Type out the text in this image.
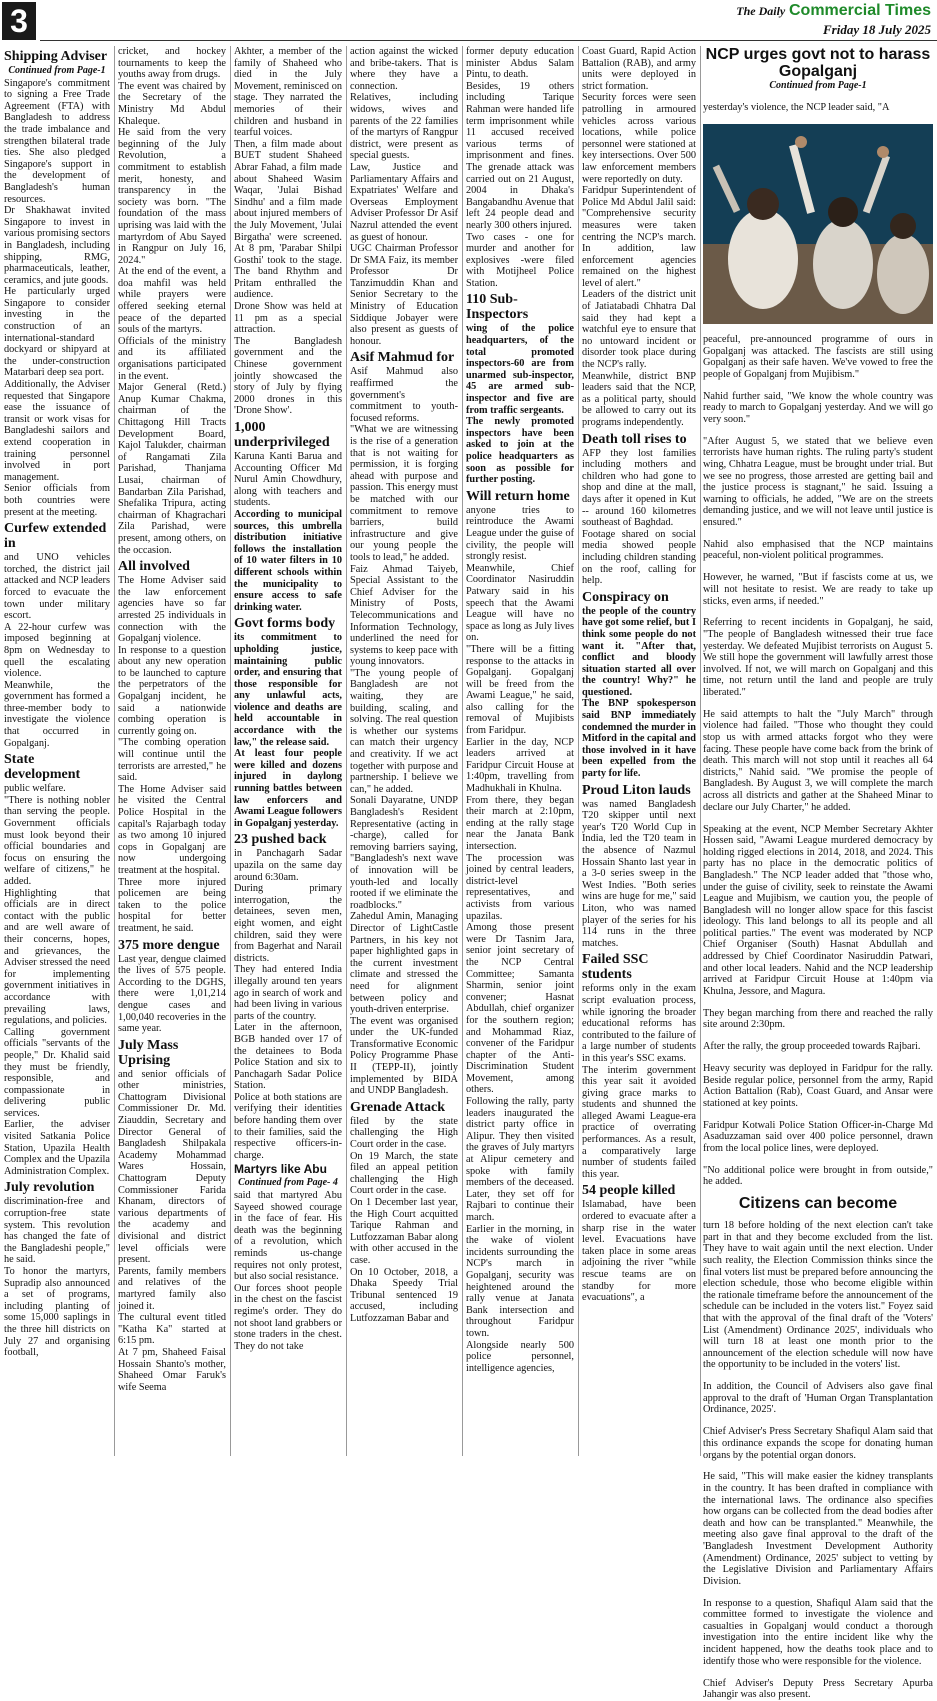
3	The Daily Commercial Times
Friday 18 July 2025
Shipping Adviser
Continued from Page-1

Singapore's commitment to signing a Free Trade Agreement (FTA) with Bangladesh to address the trade imbalance and strengthen bilateral trade ties. She also pledged Singapore's support in the development of Bangladesh's human resources.

Dr Shakhawat invited Singapore to invest in various promising sectors in Bangladesh, including shipping, RMG, pharmaceuticals, leather, ceramics, and jute goods.

He particularly urged Singapore to consider investing in the construction of an international-standard dockyard or shipyard at the under-construction Matarbari deep sea port.

Additionally, the Adviser requested that Singapore ease the issuance of transit or work visas for Bangladeshi sailors and extend cooperation in training personnel involved in port management.

Senior officials from both countries were present at the meeting.

Curfew extended in

and UNO vehicles torched, the district jail attacked and NCP leaders forced to evacuate the town under military escort.

A 22-hour curfew was imposed beginning at 8pm on Wednesday to quell the escalating violence.

Meanwhile, the government has formed a three-member body to investigate the violence that occurred in Gopalganj.

State development

public welfare.

"There is nothing nobler than serving the people. Government officials must look beyond their official boundaries and focus on ensuring the welfare of citizens," he added.

Highlighting that officials are in direct contact with the public and are well aware of their concerns, hopes, and grievances, the Adviser stressed the need for implementing government initiatives in accordance with prevailing laws, regulations, and policies.

Calling government officials "servants of the people," Dr. Khalid said they must be friendly, responsible, and compassionate in delivering public services.

Earlier, the adviser visited Satkania Police Station, Upazila Health Complex and the Upazila Administration Complex.

July revolution

discrimination-free and corruption-free state system. This revolution has changed the fate of the Bangladeshi people," he said.

To honor the martyrs, Supradip also announced a set of programs, including planting of some 15,000 saplings in the three hill districts on July 27 and organising football,

cricket, and hockey tournaments to keep the youths away from drugs.

The event was chaired by the Secretary of the Ministry Md Abdul Khaleque.

He said from the very beginning of the July Revolution, a commitment to establish merit, honesty, and transparency in the society was born. "The foundation of the mass uprising was laid with the martyrdom of Abu Sayed in Rangpur on July 16, 2024."

At the end of the event, a doa mahfil was held while prayers were offered seeking eternal peace of the departed souls of the martyrs.

Officials of the ministry and its affiliated organisations participated in the event.

Major General (Retd.) Anup Kumar Chakma, chairman of the Chittagong Hill Tracts Development Board, Kajol Talukder, chairman of Rangamati Zila Parishad, Thanjama Lusai, chairman of Bandarban Zila Parishad, Shefalika Tripura, acting chairman of Khagrachari Zila Parishad, were present, among others, on the occasion.

All involved

The Home Adviser said the law enforcement agencies have so far arrested 25 individuals in connection with the Gopalganj violence.

In response to a question about any new operation to be launched to capture the perpetrators of the Gopalganj incident, he said a nationwide combing operation is currently going on.

"The combing operation will continue until the terrorists are arrested," he said.

The Home Adviser said he visited the Central Police Hospital in the capital's Rajarbagh today as two among 10 injured cops in Gopalganj are now undergoing treatment at the hospital.

Three more injured policemen are being taken to the police hospital for better treatment, he said.

375 more dengue

Last year, dengue claimed the lives of 575 people. According to the DGHS, there were 1,01,214 dengue cases and 1,00,040 recoveries in the same year.

July Mass Uprising

and senior officials of other ministries, Chattogram Divisional Commissioner Dr. Md. Ziauddin, Secretary and Director General of Bangladesh Shilpakala Academy Mohammad Wares Hossain, Chattogram Deputy Commissioner Farida Khanam, directors of various departments of the academy and divisional and district level officials were present.

Parents, family members and relatives of the martyred family also joined it.

The cultural event titled "Katha Ka" started at 6:15 pm.

At 7 pm, Shaheed Faisal Hossain Shanto's mother, Shaheed Omar Faruk's wife Seema

Akhter, a member of the family of Shaheed who died in the July Movement, reminisced on stage. They narrated the memories of their children and husband in tearful voices.

Then, a film made about BUET student Shaheed Abrar Fahad, a film made about Shaheed Wasim Waqar, 'Julai Bishad Sindhu' and a film made about injured members of the July Movement, 'Julai Birgatha' were screened. At 8 pm, 'Parabar Shilpi Gosthi' took to the stage. The band Rhythm and Pritam enthralled the audience.

Drone Show was held at 11 pm as a special attraction.

The Bangladesh government and the Chinese government jointly showcased the story of July by flying 2000 drones in this 'Drone Show'.

1,000 underprivileged

Karuna Kanti Barua and Accounting Officer Md Nurul Amin Chowdhury, along with teachers and students.

According to municipal sources, this umbrella distribution initiative follows the installation of 10 water filters in 10 different schools within the municipality to ensure access to safe drinking water.

Govt forms body

its commitment to upholding justice, maintaining public order, and ensuring that those responsible for any unlawful acts, violence and deaths are held accountable in accordance with the law," the release said.

At least four people were killed and dozens injured in daylong running battles between law enforcers and Awami League followers in Gopalganj yesterday.

23 pushed back

in Panchagarh Sadar upazila on the same day around 6:30am.

During primary interrogation, the detainees, seven men, eight women, and eight children, said they were from Bagerhat and Narail districts.

They had entered India illegally around ten years ago in search of work and had been living in various parts of the country.

Later in the afternoon, BGB handed over 17 of the detainees to Boda Police Station and six to Panchagarh Sadar Police Station.

Police at both stations are verifying their identities before handing them over to their families, said the respective officers-in-charge.

Martyrs like Abu
Continued from Page- 4

said that martyred Abu Sayeed showed courage in the face of fear. His death was the beginning of a revolution, which reminds us-change requires not only protest, but also social resistance.

Our forces shoot people in the chest on the fascist regime's order. They do not shoot land grabbers or stone traders in the chest. They do not take

action against the wicked and bribe-takers. That is where they have a connection.

Relatives, including widows, wives and parents of the 22 families of the martyrs of Rangpur district, were present as special guests.

Law, Justice and Parliamentary Affairs and Expatriates' Welfare and Overseas Employment Adviser Professor Dr Asif Nazrul attended the event as guest of honour.

UGC Chairman Professor Dr SMA Faiz, its member Professor Dr Tanzimuddin Khan and Senior Secretary to the Ministry of Education Siddique Jobayer were also present as guests of honour.

Asif Mahmud for

Asif Mahmud also reaffirmed the government's commitment to youth-focused reforms.

"What we are witnessing is the rise of a generation that is not waiting for permission, it is forging ahead with purpose and passion. This energy must be matched with our commitment to remove barriers, build infrastructure and give our young people the tools to lead," he added.

Faiz Ahmad Taiyeb, Special Assistant to the Chief Adviser for the Ministry of Posts, Telecommunications and Information Technology, underlined the need for systems to keep pace with young innovators.

"The young people of Bangladesh are not waiting, they are building, scaling, and solving. The real question is whether our systems can match their urgency and creativity. If we act together with purpose and partnership. I believe we can," he added.

Sonali Dayaratne, UNDP Bangladesh's Resident Representative (acting in -charge), called for removing barriers saying, "Bangladesh's next wave of innovation will be youth-led and locally rooted if we eliminate the roadblocks."

Zahedul Amin, Managing Director of LightCastle Partners, in his key not paper highlighted gaps in the current investment climate and stressed the need for alignment between policy and youth-driven enterprise.

The event was organised under the UK-funded Transformative Economic Policy Programme Phase II (TEPP-II), jointly implemented by BIDA and UNDP Bangladesh.

Grenade Attack

filed by the state challenging the High Court order in the case.

On 19 March, the state filed an appeal petition challenging the High Court order in the case.

On 1 December last year, the High Court acquitted Tarique Rahman and Lutfozzaman Babar along with other accused in the case.

On 10 October, 2018, a Dhaka Speedy Trial Tribunal sentenced 19 accused, including Lutfozzaman Babar and

former deputy education minister Abdus Salam Pintu, to death.

Besides, 19 others including Tarique Rahman were handed life term imprisonment while 11 accused received various terms of imprisonment and fines. The grenade attack was carried out on 21 August, 2004 in Dhaka's Bangabandhu Avenue that left 24 people dead and nearly 300 others injured.

Two cases - one for murder and another for explosives -were filed with Motijheel Police Station.

110 Sub-Inspectors

wing of the police headquarters, of the total promoted inspectors-60 are from unarmed sub-inspector, 45 are armed sub-inspector and five are from traffic sergeants.

The newly promoted inspectors have been asked to join at the police headquarters as soon as possible for further posting.

Will return home

anyone tries to reintroduce the Awami League under the guise of civility, the people will strongly resist.

Meanwhile, Chief Coordinator Nasiruddin Patwary said in his speech that the Awami League will have no space as long as July lives on.

"There will be a fitting response to the attacks in Gopalganj. Gopalganj will be freed from the Awami League," he said, also calling for the removal of Mujibists from Faridpur.

Earlier in the day, NCP leaders arrived at Faridpur Circuit House at 1:40pm, travelling from Madhukhali in Khulna.

From there, they began their march at 2:10pm, ending at the rally stage near the Janata Bank intersection.

The procession was joined by central leaders, district-level representatives, and activists from various upazilas.

Among those present were Dr Tasnim Jara, senior joint secretary of the NCP Central Committee; Samanta Sharmin, senior joint convener; Hasnat Abdullah, chief organizer for the southern region; and Mohammad Riaz, convener of the Faridpur chapter of the Anti-Discrimination Student Movement, among others.

Following the rally, party leaders inaugurated the district party office in Alipur. They then visited the graves of July martyrs at Alipur cemetery and spoke with family members of the deceased. Later, they set off for Rajbari to continue their march.

Earlier in the morning, in the wake of violent incidents surrounding the NCP's march in Gopalganj, security was heightened around the rally venue at Janata Bank intersection and throughout Faridpur town.

Alongside nearly 500 police personnel, intelligence agencies,

Coast Guard, Rapid Action Battalion (RAB), and army units were deployed in strict formation.

Security forces were seen patrolling in armoured vehicles across various locations, while police personnel were stationed at key intersections. Over 500 law enforcement members were reportedly on duty.

Faridpur Superintendent of Police Md Abdul Jalil said: "Comprehensive security measures were taken centring the NCP's march. In addition, law enforcement agencies remained on the highest level of alert."

Leaders of the district unit of Jatiatabadi Chhatra Dal said they had kept a watchful eye to ensure that no untoward incident or disorder took place during the NCP's rally.

Meanwhile, district BNP leaders said that the NCP, as a political party, should be allowed to carry out its programs independently.

Death toll rises to

AFP they lost families including mothers and children who had gone to shop and dine at the mall, days after it opened in Kut -- around 160 kilometres southeast of Baghdad.

Footage shared on social media showed people including children standing on the roof, calling for help.

Conspiracy on

the people of the country have got some relief, but I think some people do not want it. "After that, conflict and bloody situation started all over the country! Why?" he questioned.

The BNP spokesperson said BNP immediately condemned the murder in Mitford in the capital and those involved in it have been expelled from the party for life.

Proud Liton lauds

was named Bangladesh T20 skipper until next year's T20 World Cup in India, led the T20 team in the absence of Nazmul Hossain Shanto last year in a 3-0 series sweep in the West Indies. "Both series wins are huge for me," said Liton, who was named player of the series for his 114 runs in the three matches.

Failed SSC students

reforms only in the exam script evaluation process, while ignoring the broader educational reforms has contributed to the failure of a large number of students in this year's SSC exams.

The interim government this year sait it avoided giving grace marks to students and shunned the alleged Awami League-era practice of overrating performances. As a result, a comparatively large number of students failed this year.

54 people killed

Islamabad, have been ordered to evacuate after a sharp rise in the water level. Evacuations have taken place in some areas adjoining the river "while rescue teams are on standby for more evacuations", a

NCP urges govt not to harass Gopalganj
Continued from Page-1

yesterday's violence, the NCP leader said, "A

peaceful, pre-announced programme of ours in Gopalganj was attacked. The fascists are still using Gopalganj as their safe haven. We've vowed to free the people of Gopalganj from Mujibism."

Nahid further said, "We know the whole country was ready to march to Gopalganj yesterday. And we will go very soon."

"After August 5, we stated that we believe even terrorists have human rights. The ruling party's student wing, Chhatra League, must be brought under trial. But we see no progress, those arrested are getting bail and the justice process is stagnant," he said. Issuing a warning to officials, he added, "We are on the streets demanding justice, and we will not leave until justice is ensured."

Nahid also emphasised that the NCP maintains peaceful, non-violent political programmes.

However, he warned, "But if fascists come at us, we will not hesitate to resist. We are ready to take up sticks, even arms, if needed."

Referring to recent incidents in Gopalganj, he said, "The people of Bangladesh witnessed their true face yesterday. We defeated Mujibist terrorists on August 5. We still hope the government will lawfully arrest those involved. If not, we will march on Gopalganj and this time, not return until the land and people are truly liberated."

He said attempts to halt the "July March" through violence had failed. "Those who thought they could stop us with armed attacks forgot who they were facing. These people have come back from the brink of death. This march will not stop until it reaches all 64 districts," Nahid said. "We promise the people of Bangladesh. By August 3, we will complete the march across all districts and gather at the Shaheed Minar to declare our July Charter," he added.

Speaking at the event, NCP Member Secretary Akhter Hossen said, "Awami League murdered democracy by holding rigged elections in 2014, 2018, and 2024. This party has no place in the democratic politics of Bangladesh." The NCP leader added that "those who, under the guise of civility, seek to reinstate the Awami League and Mujibism, we caution you, the people of Bangladesh will no longer allow space for this fascist ideology. This land belongs to all its people and all political parties." The event was moderated by NCP Chief Organiser (South) Hasnat Abdullah and addressed by Chief Coordinator Nasiruddin Patwari, and other local leaders. Nahid and the NCP leadership arrived at Faridpur Circuit House at 1:40pm via Khulna, Jessore, and Magura.

They began marching from there and reached the rally site around 2:30pm.

After the rally, the group proceeded towards Rajbari.

Heavy security was deployed in Faridpur for the rally. Beside regular police, personnel from the army, Rapid Action Battalion (Rab), Coast Guard, and Ansar were stationed at key points.

Faridpur Kotwali Police Station Officer-in-Charge Md Asaduzzaman said over 400 police personnel, drawn from the local police lines, were deployed.

"No additional police were brought in from outside," he added.

Citizens can become

turn 18 before holding of the next election can't take part in that and they become excluded from the list. They have to wait again until the next election. Under such reality, the Election Commission thinks since the final voters list must be prepared before announcing the election schedule, those who become eligible within the rationale timeframe before the announcement of the schedule can be included in the voters list." Foyez said that with the approval of the final draft of the 'Voters' List (Amendment) Ordinance 2025', individuals who will turn 18 at least one month prior to the announcement of the election schedule will now have the opportunity to be included in the voters' list.

In addition, the Council of Advisers also gave final approval to the draft of 'Human Organ Transplantation Ordinance, 2025'.

Chief Adviser's Press Secretary Shafiqul Alam said that this ordinance expands the scope for donating human organs by the potential organ donors.

He said, "This will make easier the kidney transplants in the country. It has been drafted in compliance with the international laws. The ordinance also specifies how organs can be collected from the dead bodies after death and how can be transplanted." Meanwhile, the meeting also gave final approval to the draft of the 'Bangladesh Investment Development Authority (Amendment) Ordinance, 2025' subject to vetting by the Legislative Division and Parliamentary Affairs Division.

In response to a question, Shafiqul Alam said that the committee formed to investigate the violence and casualties in Gopalganj would conduct a thorough investigation into the entire incident like why the incident happened, how the deaths took place and to identify those who were responsible for the violence.

Chief Adviser's Deputy Press Secretary Apurba Jahangir was also present.
